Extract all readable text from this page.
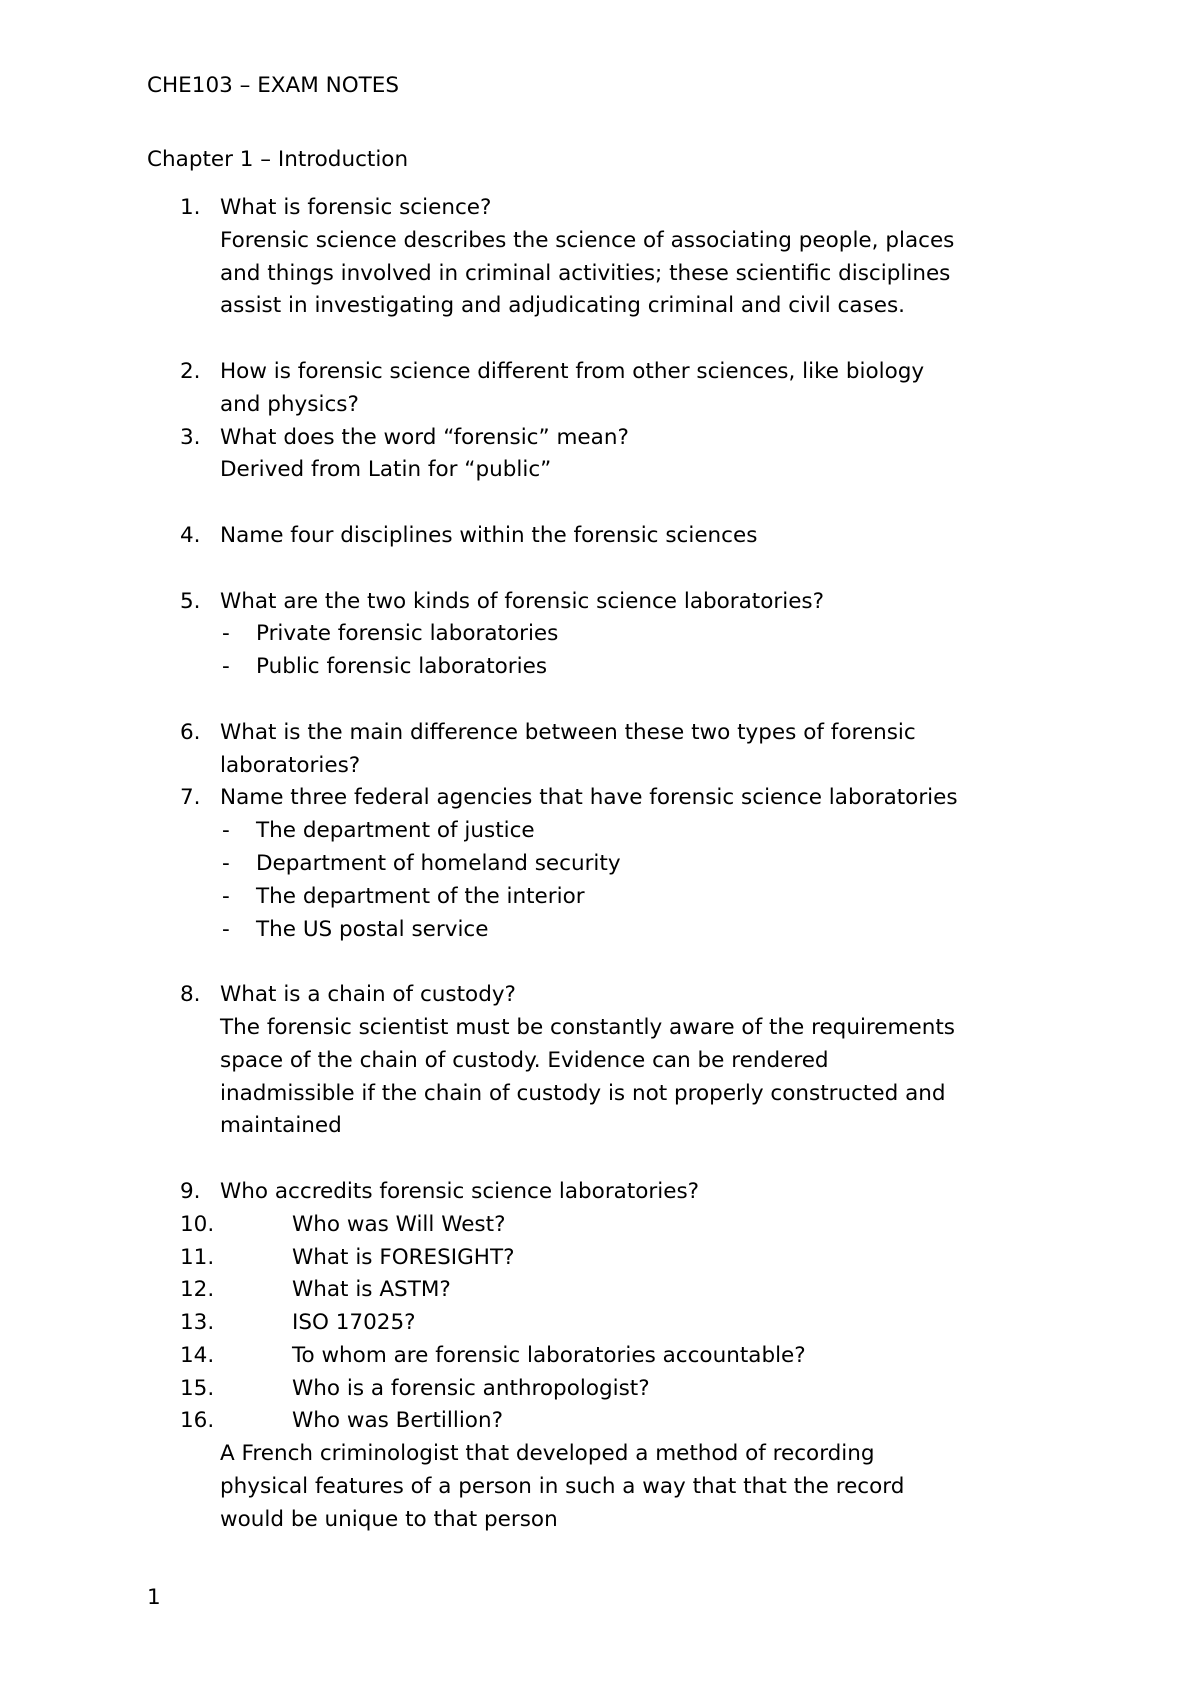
CHE103 – EXAM NOTES
Chapter 1 – Introduction
1. What is forensic science?
Forensic science describes the science of associating people, places
and things involved in criminal activities; these scientific disciplines
assist in investigating and adjudicating criminal and civil cases.
2. How is forensic science different from other sciences, like biology
and physics?
3. What does the word “forensic” mean?
Derived from Latin for “public”
4. Name four disciplines within the forensic sciences
5. What are the two kinds of forensic science laboratories?
- Private forensic laboratories
- Public forensic laboratories
6. What is the main difference between these two types of forensic
laboratories?
7. Name three federal agencies that have forensic science laboratories
- The department of justice
- Department of homeland security
- The department of the interior
- The US postal service
8. What is a chain of custody?
The forensic scientist must be constantly aware of the requirements
space of the chain of custody. Evidence can be rendered
inadmissible if the chain of custody is not properly constructed and
maintained
9. Who accredits forensic science laboratories?
10.	Who was Will West?
11.	What is FORESIGHT?
12.	What is ASTM?
13.	ISO 17025?
14.	To whom are forensic laboratories accountable?
15.	Who is a forensic anthropologist?
16.	Who was Bertillion?
A French criminologist that developed a method of recording
physical features of a person in such a way that that the record
would be unique to that person
1
